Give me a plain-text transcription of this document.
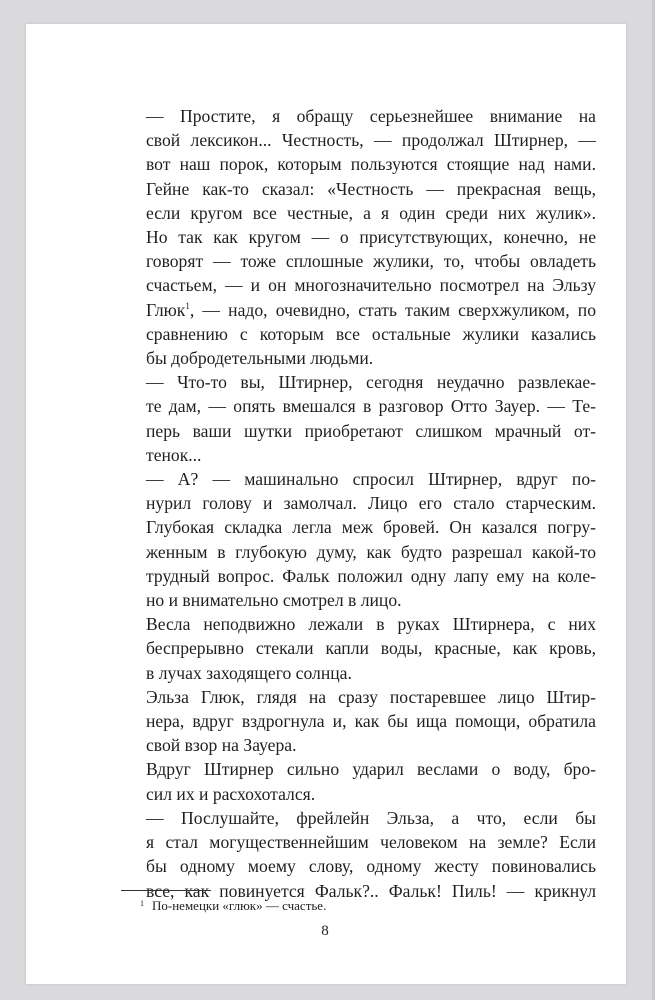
— Простите, я обращу серьезнейшее внимание на
свой лексикон... Честность, — продолжал Штирнер, —
вот наш порок, которым пользуются стоящие над нами.
Гейне как-то сказал: «Честность — прекрасная вещь,
если кругом все честные, а я один среди них жулик».
Но так как кругом — о присутствующих, конечно, не
говорят — тоже сплошные жулики, то, чтобы овладеть
счастьем, — и он многозначительно посмотрел на Эльзу
Глюк$^1$, — надо, очевидно, стать таким сверхжуликом, по
сравнению с которым все остальные жулики казались
бы добродетельными людьми.

— Что-то вы, Штирнер, сегодня неудачно развлекае-
те дам, — опять вмешался в разговор Отто Зауер. — Те-
перь ваши шутки приобретают слишком мрачный от-
тенок...

— А? — машинально спросил Штирнер, вдруг по-
нурил голову и замолчал. Лицо его стало старческим.
Глубокая складка легла меж бровей. Он казался погру-
женным в глубокую думу, как будто разрешал какой-то
трудный вопрос. Фальк положил одну лапу ему на коле-
но и внимательно смотрел в лицо.

Весла неподвижно лежали в руках Штирнера, с них
беспрерывно стекали капли воды, красные, как кровь,
в лучах заходящего солнца.

Эльза Глюк, глядя на сразу постаревшее лицо Штир-
нера, вдруг вздрогнула и, как бы ища помощи, обратила
свой взор на Зауера.

Вдруг Штирнер сильно ударил веслами о воду, бро-
сил их и расхохотался.

— Послушайте, фрейлейн Эльза, а что, если бы
я стал могущественнейшим человеком на земле? Если
бы одному моему слову, одному жесту повиновались
все, как повинуется Фальк?.. Фальк! Пиль! — крикнул

$^1$ По-немецки «глюк» — счастье.
8
